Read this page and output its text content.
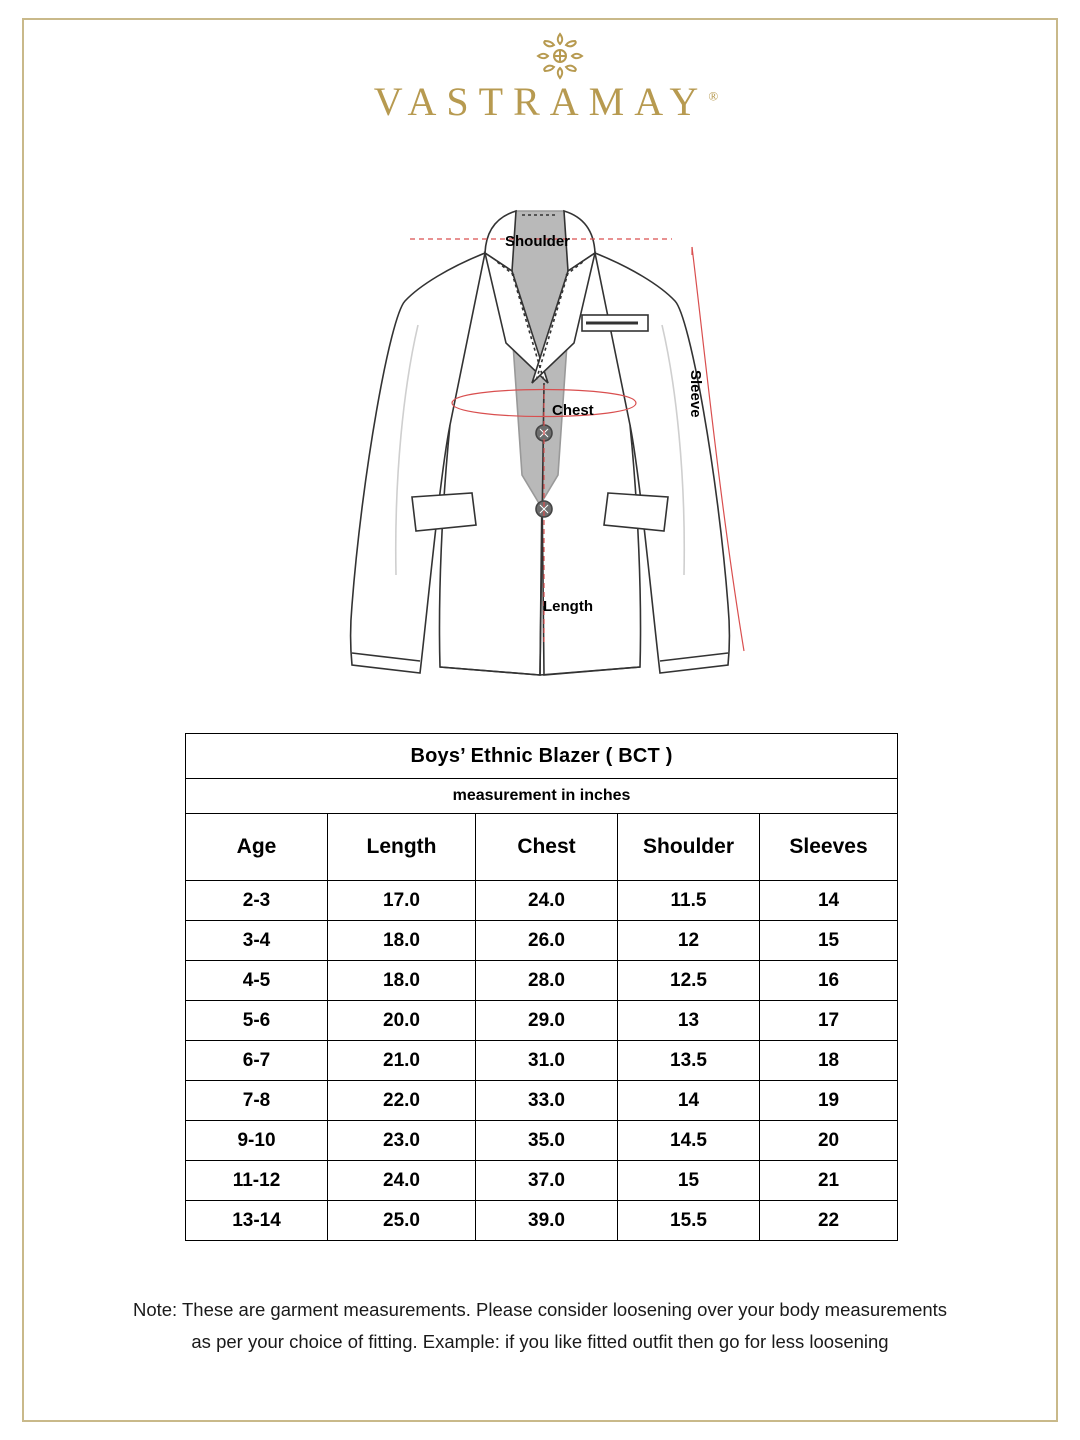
VASTRAMAY®
Shoulder
Chest
Length
Sleeve
Boys’ Ethnic Blazer ( BCT )				
measurement in inches				
Age	Length	Chest	Shoulder	Sleeves
2-3	17.0	24.0	11.5	14
3-4	18.0	26.0	12	15
4-5	18.0	28.0	12.5	16
5-6	20.0	29.0	13	17
6-7	21.0	31.0	13.5	18
7-8	22.0	33.0	14	19
9-10	23.0	35.0	14.5	20
11-12	24.0	37.0	15	21
13-14	25.0	39.0	15.5	22
Note: These are garment measurements. Please consider loosening over your body measurements
as per your choice of fitting. Example: if you like fitted outfit then go for less loosening
